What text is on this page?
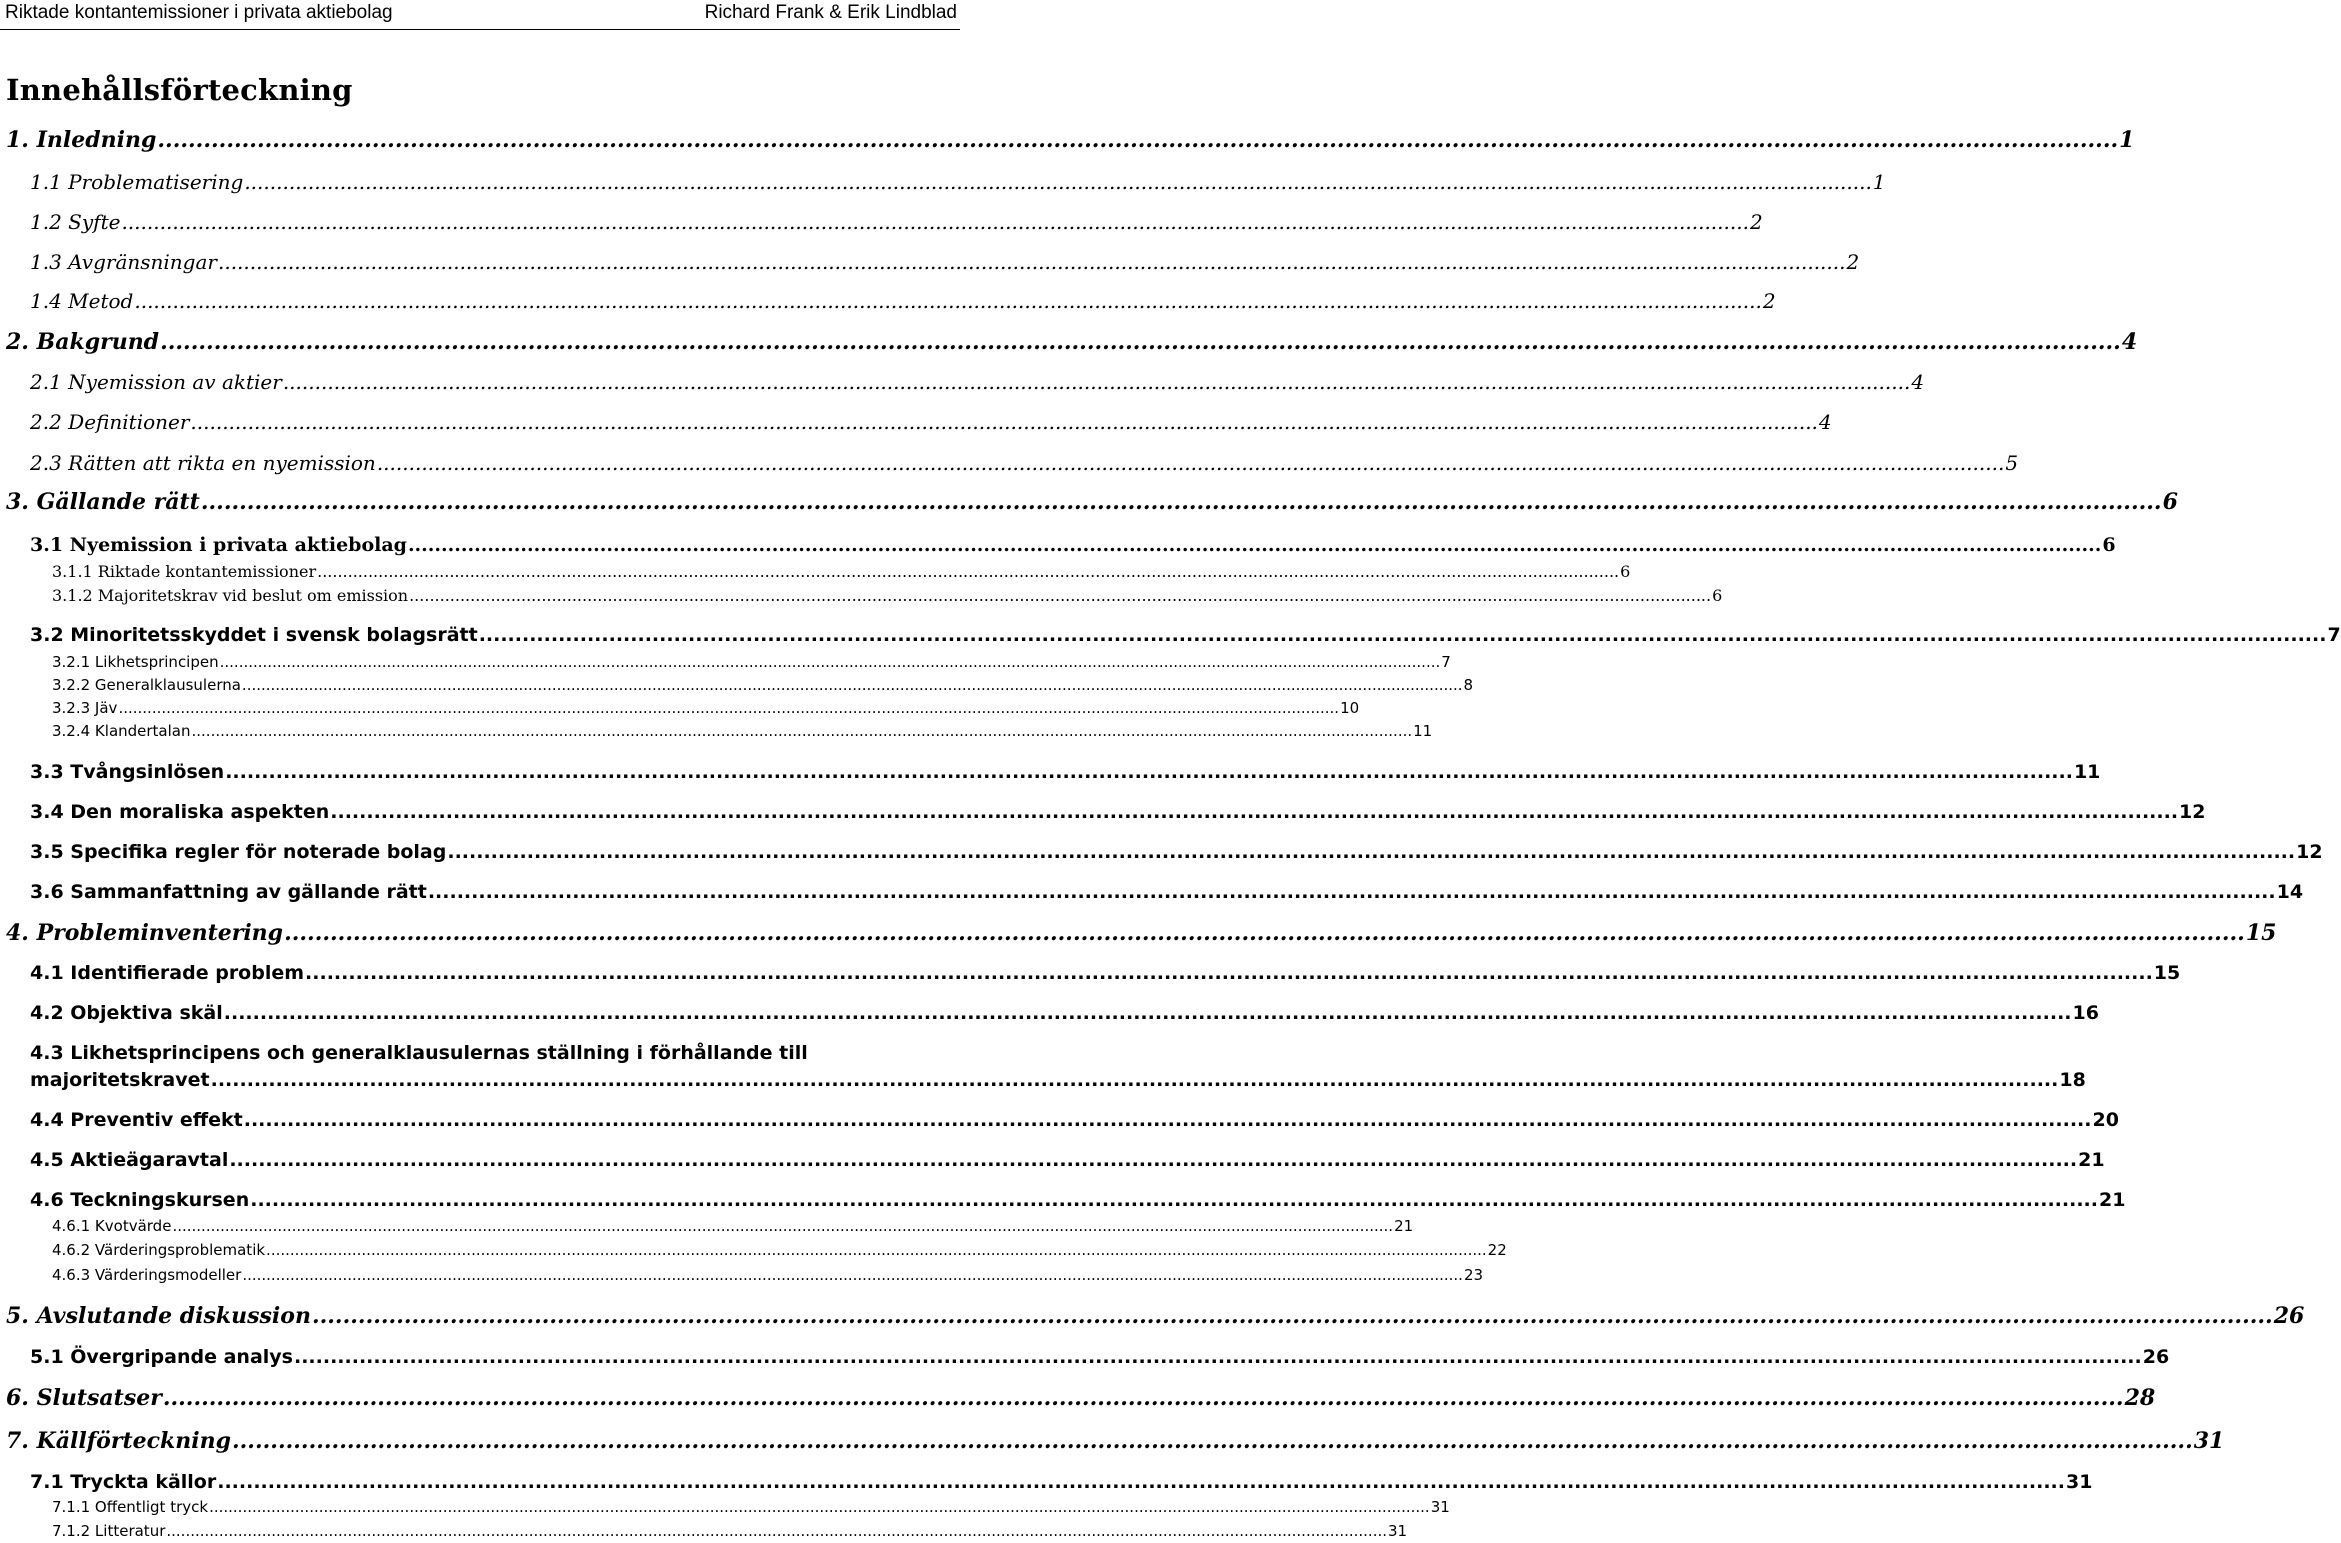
Riktade kontantemissioner i privata aktiebolag	Richard Frank & Erik Lindblad
Innehållsförteckning
1. Inledning ................................................................................................................................................................................................................................................................ 1
1.1 Problematisering ................................................................................................................................................................................................................................................................ 1
1.2 Syfte ................................................................................................................................................................................................................................................................ 2
1.3 Avgränsningar ................................................................................................................................................................................................................................................................ 2
1.4 Metod ................................................................................................................................................................................................................................................................ 2
2. Bakgrund ................................................................................................................................................................................................................................................................ 4
2.1 Nyemission av aktier ................................................................................................................................................................................................................................................................ 4
2.2 Definitioner ................................................................................................................................................................................................................................................................ 4
2.3 Rätten att rikta en nyemission ................................................................................................................................................................................................................................................................ 5
3. Gällande rätt ................................................................................................................................................................................................................................................................ 6
3.1 Nyemission i privata aktiebolag ................................................................................................................................................................................................................................................................ 6
3.1.1 Riktade kontantemissioner ................................................................................................................................................................................................................................................................ 6
3.1.2 Majoritetskrav vid beslut om emission ................................................................................................................................................................................................................................................................ 6
3.2 Minoritetsskyddet i svensk bolagsrätt ................................................................................................................................................................................................................................................................ 7
3.2.1 Likhetsprincipen ................................................................................................................................................................................................................................................................ 7
3.2.2 Generalklausulerna ................................................................................................................................................................................................................................................................ 8
3.2.3 Jäv ................................................................................................................................................................................................................................................................ 10
3.2.4 Klandertalan ................................................................................................................................................................................................................................................................ 11
3.3 Tvångsinlösen ................................................................................................................................................................................................................................................................ 11
3.4 Den moraliska aspekten ................................................................................................................................................................................................................................................................ 12
3.5 Specifika regler för noterade bolag ................................................................................................................................................................................................................................................................ 12
3.6 Sammanfattning av gällande rätt ................................................................................................................................................................................................................................................................ 14
4. Probleminventering ................................................................................................................................................................................................................................................................ 15
4.1 Identifierade problem ................................................................................................................................................................................................................................................................ 15
4.2 Objektiva skäl ................................................................................................................................................................................................................................................................ 16
4.3 Likhetsprincipens och generalklausulernas ställning i förhållande till
majoritetskravet ................................................................................................................................................................................................................................................................ 18
4.4 Preventiv effekt ................................................................................................................................................................................................................................................................ 20
4.5 Aktieägaravtal ................................................................................................................................................................................................................................................................ 21
4.6 Teckningskursen ................................................................................................................................................................................................................................................................ 21
4.6.1 Kvotvärde ................................................................................................................................................................................................................................................................ 21
4.6.2 Värderingsproblematik ................................................................................................................................................................................................................................................................ 22
4.6.3 Värderingsmodeller ................................................................................................................................................................................................................................................................ 23
5. Avslutande diskussion ................................................................................................................................................................................................................................................................ 26
5.1 Övergripande analys ................................................................................................................................................................................................................................................................ 26
6. Slutsatser ................................................................................................................................................................................................................................................................ 28
7. Källförteckning ................................................................................................................................................................................................................................................................ 31
7.1 Tryckta källor ................................................................................................................................................................................................................................................................ 31
7.1.1 Offentligt tryck ................................................................................................................................................................................................................................................................ 31
7.1.2 Litteratur ................................................................................................................................................................................................................................................................ 31
